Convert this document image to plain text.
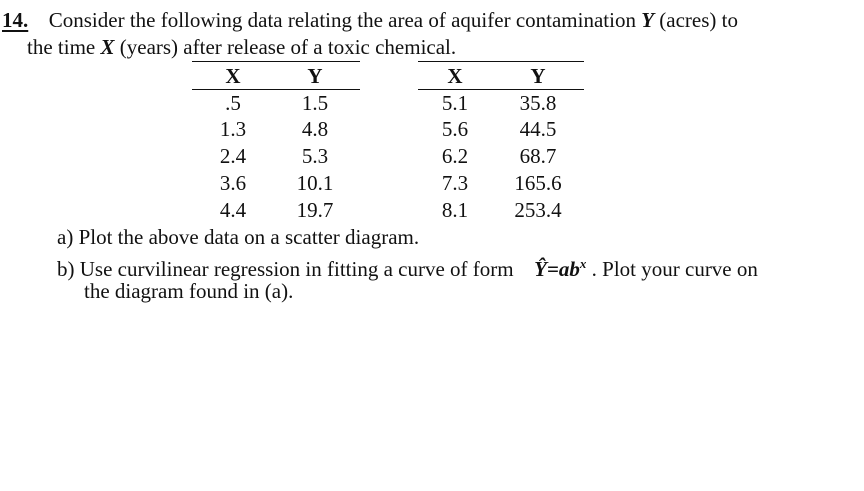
14. Consider the following data relating the area of aquifer contamination Y (acres) to
the time X (years) after release of a toxic chemical.
X	Y	X	Y
.5	1.5
1.3	4.8
2.4	5.3
3.6	10.1
4.4	19.7
5.1	35.8
5.6	44.5
6.2	68.7
7.3	165.6
8.1	253.4
a) Plot the above data on a scatter diagram.
b) Use curvilinear regression in fitting a curve of form $Ŷ=ab^x$ . Plot your curve on
the diagram found in (a).
